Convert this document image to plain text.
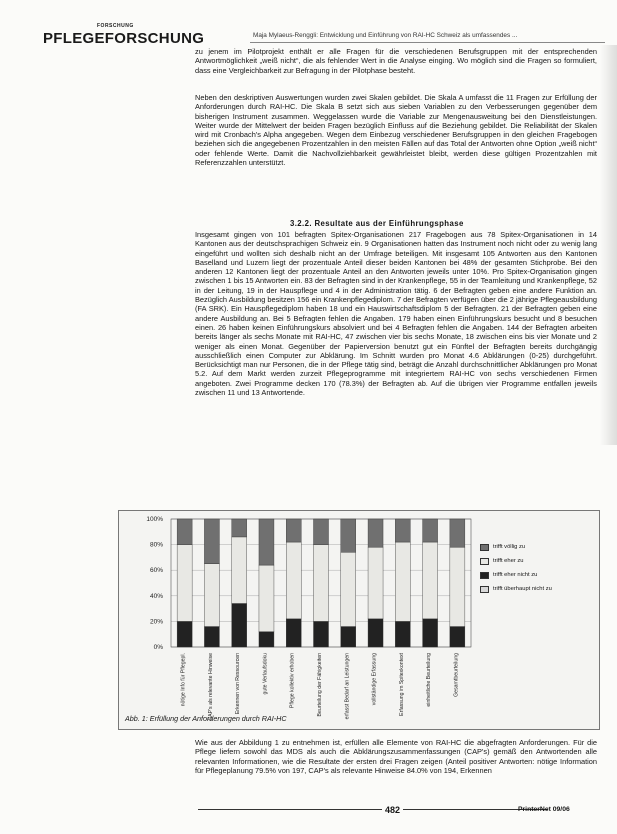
PFLEGEFORSCHUNG
FORSCHUNG
Maja Mylaeus-Renggli: Entwicklung und Einführung von RAI-HC Schweiz als umfassendes ...

zu jenem im Pilotprojekt enthält er alle Fragen für die verschiedenen Berufsgruppen mit der entsprechenden Antwortmöglichkeit „weiß nicht“, die als fehlender Wert in die Analyse einging. Wo möglich sind die Fragen so formuliert, dass eine Vergleichbarkeit zur Befragung in der Pilotphase besteht.

Neben den deskriptiven Auswertungen wurden zwei Skalen gebildet. Die Skala A umfasst die 11 Fragen zur Erfüllung der Anforderungen durch RAI-HC. Die Skala B setzt sich aus sieben Variablen zu den Verbesserungen gegenüber dem bisherigen Instrument zusammen. Weggelassen wurde die Variable zur Mengenausweitung bei den Dienstleistungen. Weiter wurde der Mittelwert der beiden Fragen bezüglich Einfluss auf die Beziehung gebildet. Die Reliabilität der Skalen wird mit Cronbach's Alpha angegeben. Wegen dem Einbezug verschiedener Berufsgruppen in den gleichen Fragebogen beziehen sich die angegebenen Prozentzahlen in den meisten Fällen auf das Total der Antworten ohne Option „weiß nicht“ oder fehlende Werte. Damit die Nachvollziehbarkeit gewährleistet bleibt, werden diese gültigen Prozentzahlen mit Referenzzahlen unterstützt.

3.2.2. Resultate aus der Einführungsphase

Insgesamt gingen von 101 befragten Spitex-Organisationen 217 Fragebogen aus 78 Spitex-Organisationen in 14 Kantonen aus der deutschsprachigen Schweiz ein. 9 Organisationen hatten das Instrument noch nicht oder zu wenig lang eingeführt und wollten sich deshalb nicht an der Umfrage beteiligen. Mit insgesamt 105 Antworten aus den Kantonen Baselland und Luzern liegt der prozentuale Anteil dieser beiden Kantonen bei 48% der gesamten Stichprobe. Bei den anderen 12 Kantonen liegt der prozentuale Anteil an den Antworten jeweils unter 10%. Pro Spitex-Organisation gingen zwischen 1 bis 15 Antworten ein. 83 der Befragten sind in der Krankenpflege, 55 in der Teamleitung und Krankenpflege, 52 in der Leitung, 19 in der Hauspflege und 4 in der Administration tätig. 6 der Befragten geben eine andere Funktion an. Bezüglich Ausbildung besitzen 156 ein Krankenpflegediplom. 7 der Befragten verfügen über die 2 jährige Pflegeausbildung (FA SRK). Ein Hauspflegediplom haben 18 und ein Hauswirtschaftsdiplom 5 der Befragten. 21 der Befragten geben eine andere Ausbildung an. Bei 5 Befragten fehlen die Angaben. 179 haben einen Einführungskurs besucht und 8 besuchen einen. 26 haben keinen Einführungskurs absolviert und bei 4 Befragten fehlen die Angaben. 144 der Befragten arbeiten bereits länger als sechs Monate mit RAI-HC, 47 zwischen vier bis sechs Monate, 18 zwischen eins bis vier Monate und 2 weniger als einen Monat. Gegenüber der Papierversion benutzt gut ein Fünftel der Befragten bereits durchgängig ausschließlich einen Computer zur Abklärung. Im Schnitt wurden pro Monat 4.6 Abklärungen (0-25) durchgeführt. Berücksichtigt man nur Personen, die in der Pflege tätig sind, beträgt die Anzahl durchschnittlicher Abklärungen pro Monat 5.2. Auf dem Markt werden zurzeit Pflegeprogramme mit integriertem RAI-HC von sechs verschiedenen Firmen angeboten. Zwei Programme decken 170 (78.3%) der Befragten ab. Auf die übrigen vier Programme entfallen jeweils zwischen 11 und 13 Antwortende.

0%
20%
40%
60%
80%
100%
nötige Info für Pflegepl.	CAP's als relevante Hinweise	Erkennen von Ressourcen	gute Verlaufsdoku	Pflege kollektiv erhoben	Beurteilung der Fähigkeiten	erfasst Bedarf an Leistungen	vollständige Erfassung	Erfassung im Spitexkontext	einheitliche Beurteilung	Gesamtbeurteilung
trifft völlig zu
trifft eher zu
trifft eher nicht zu
trifft überhaupt nicht zu
Abb. 1: Erfüllung der Anforderungen durch RAI-HC

Wie aus der Abbildung 1 zu entnehmen ist, erfüllen alle Elemente von RAI-HC die abgefragten Anforderungen. Für die Pflege liefern sowohl das MDS als auch die Abklärungszusammenfassungen (CAP's) gemäß den Antwortenden alle relevanten Informationen, wie die Resultate der ersten drei Fragen zeigen (Anteil positiver Antworten: nötige Information für Pflegeplanung 79.5% von 197, CAP's als relevante Hinweise 84.0% von 194, Erkennen

482	PrinterNet 09/06
